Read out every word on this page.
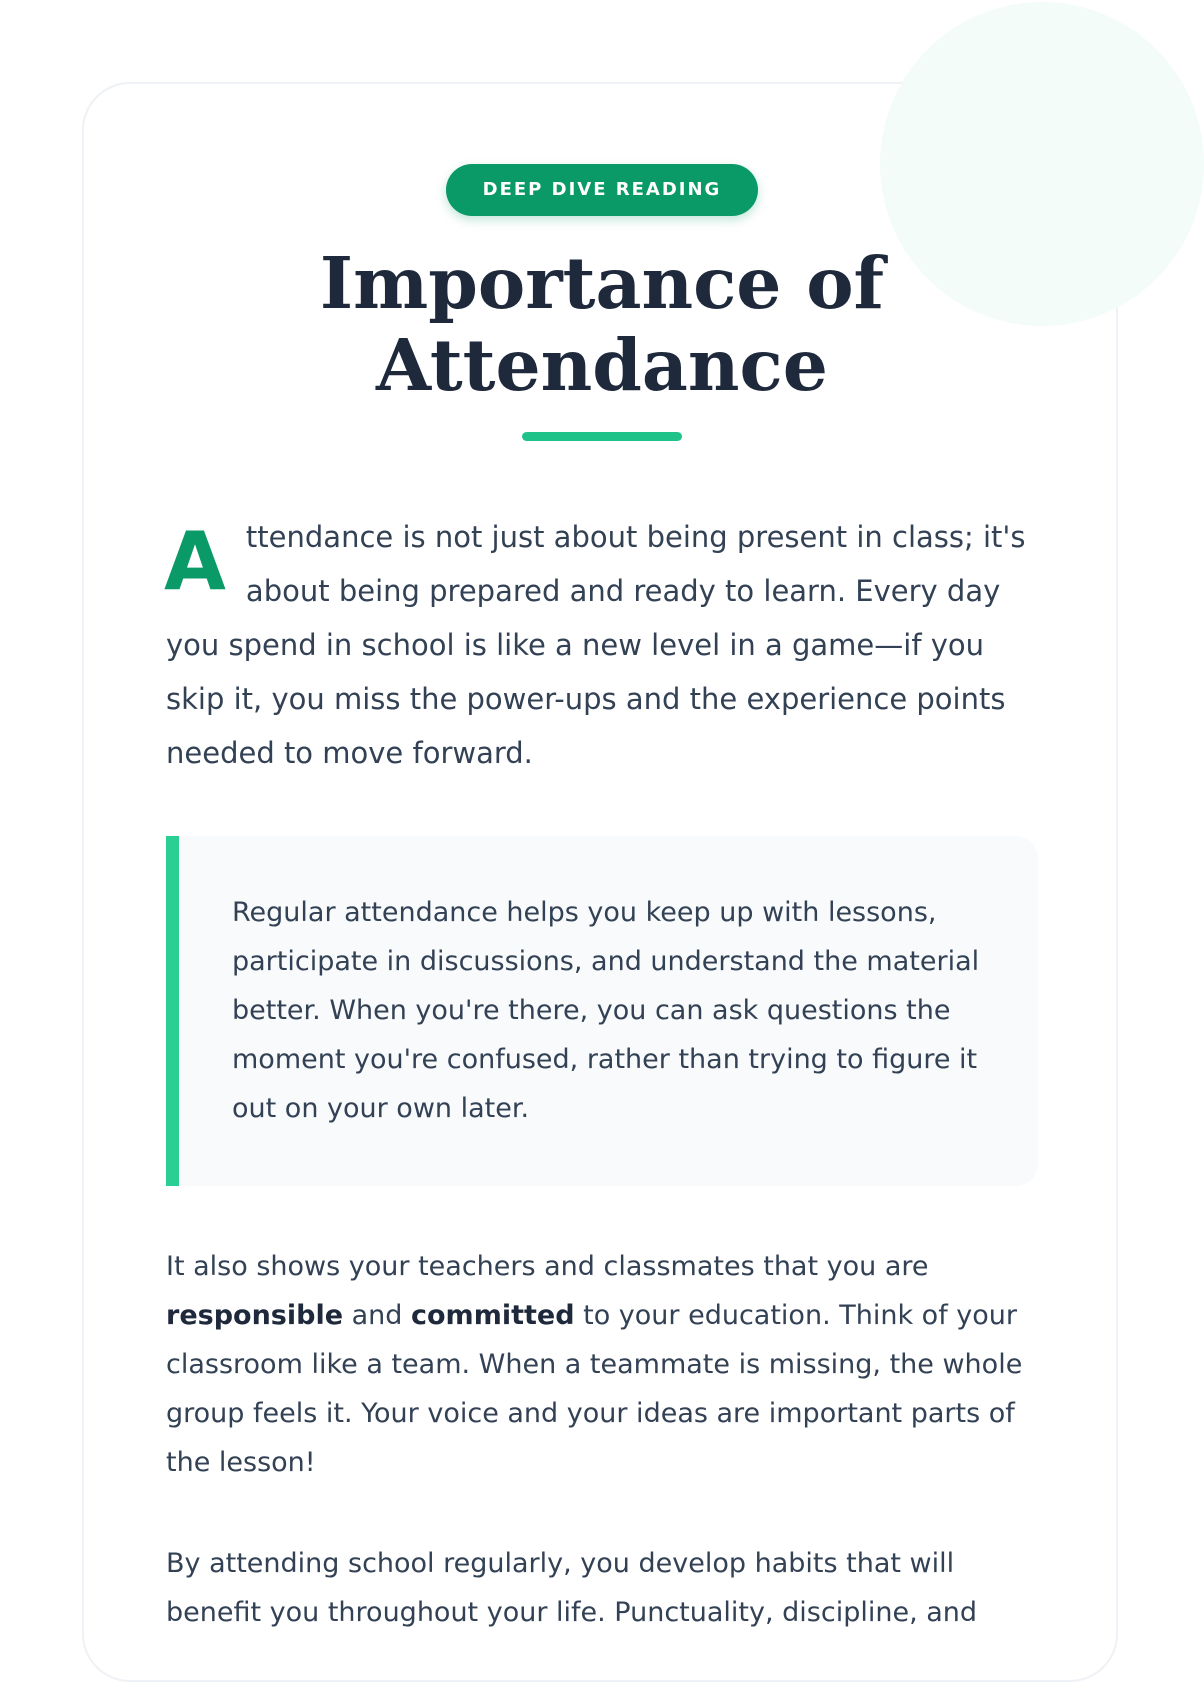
DEEP DIVE READING
Importance of Attendance

Attendance is not just about being present in class; it's about being prepared and ready to learn. Every day you spend in school is like a new level in a game—if you skip it, you miss the power-ups and the experience points needed to move forward.

Regular attendance helps you keep up with lessons, participate in discussions, and understand the material better. When you're there, you can ask questions the moment you're confused, rather than trying to figure it out on your own later.

It also shows your teachers and classmates that you are responsible and committed to your education. Think of your classroom like a team. When a teammate is missing, the whole group feels it. Your voice and your ideas are important parts of the lesson!

By attending school regularly, you develop habits that will benefit you throughout your life. Punctuality, discipline, and
